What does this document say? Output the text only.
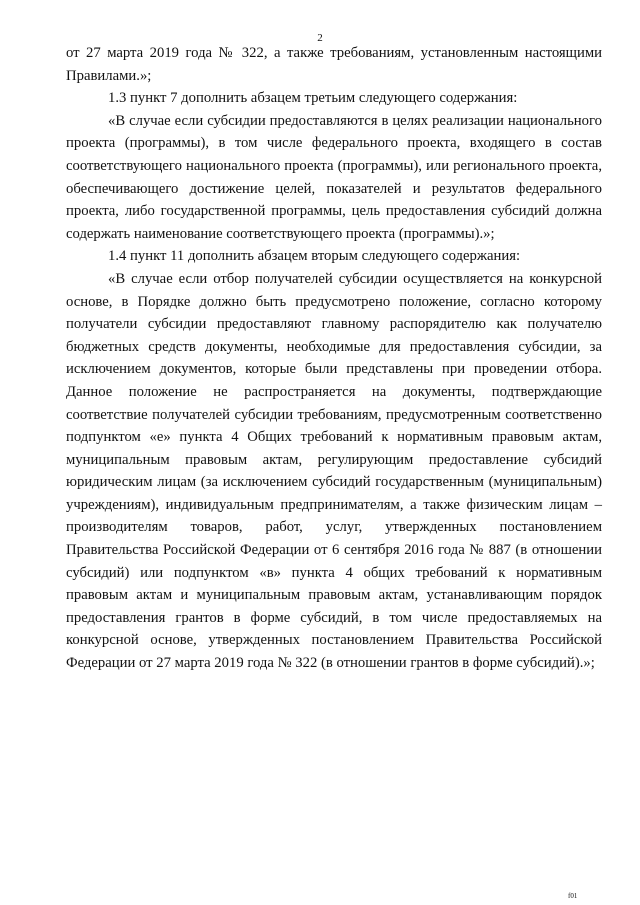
2

от 27 марта 2019 года № 322, а также требованиям, установленным настоящими Правилами.»;

1.3 пункт 7 дополнить абзацем третьим следующего содержания:

«В случае если субсидии предоставляются в целях реализации национального проекта (программы), в том числе федерального проекта, входящего в состав соответствующего национального проекта (программы), или регионального проекта, обеспечивающего достижение целей, показателей и результатов федерального проекта, либо государственной программы, цель предоставления субсидий должна содержать наименование соответствующего проекта (программы).»;

1.4 пункт 11 дополнить абзацем вторым следующего содержания:

«В случае если отбор получателей субсидии осуществляется на конкурсной основе, в Порядке должно быть предусмотрено положение, согласно которому получатели субсидии предоставляют главному распорядителю как получателю бюджетных средств документы, необходимые для предоставления субсидии, за исключением документов, которые были представлены при проведении отбора. Данное положение не распространяется на документы, подтверждающие соответствие получателей субсидии требованиям, предусмотренным соответственно подпунктом «е» пункта 4 Общих требований к нормативным правовым актам, муниципальным правовым актам, регулирующим предоставление субсидий юридическим лицам (за исключением субсидий государственным (муниципальным) учреждениям), индивидуальным предпринимателям, а также физическим лицам – производителям товаров, работ, услуг, утвержденных постановлением Правительства Российской Федерации от 6 сентября 2016 года № 887 (в отношении субсидий) или подпунктом «в» пункта 4 общих требований к нормативным правовым актам и муниципальным правовым актам, устанавливающим порядок предоставления грантов в форме субсидий, в том числе предоставляемых на конкурсной основе, утвержденных постановлением Правительства Российской Федерации от 27 марта 2019 года № 322 (в отношении грантов в форме субсидий).»;

f01
